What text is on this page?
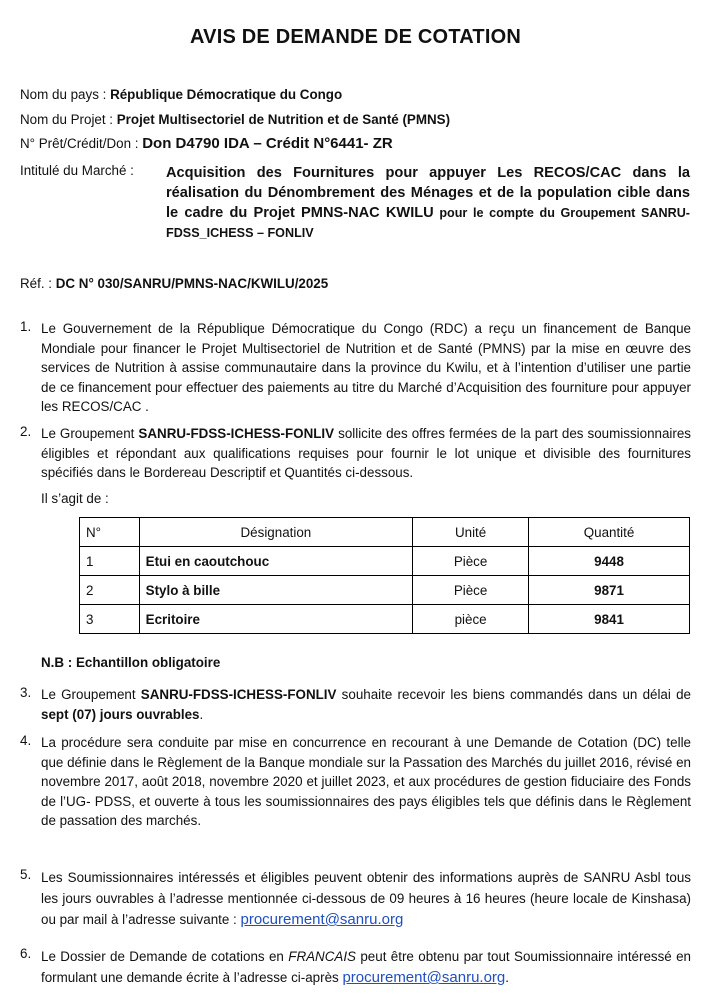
AVIS DE DEMANDE DE COTATION
Nom du pays : République Démocratique du Congo
Nom du Projet : Projet Multisectoriel de Nutrition et de Santé (PMNS)
N° Prêt/Crédit/Don : Don D4790 IDA – Crédit N°6441- ZR
Intitulé du Marché : Acquisition des Fournitures pour appuyer Les RECOS/CAC dans la réalisation du Dénombrement des Ménages et de la population cible dans le cadre du Projet PMNS-NAC KWILU pour le compte du Groupement SANRU-FDSS_ICHESS – FONLIV
Réf. : DC N° 030/SANRU/PMNS-NAC/KWILU/2025
1. Le Gouvernement de la République Démocratique du Congo (RDC) a reçu un financement de Banque Mondiale pour financer le Projet Multisectoriel de Nutrition et de Santé (PMNS) par la mise en œuvre des services de Nutrition à assise communautaire dans la province du Kwilu, et à l’intention d’utiliser une partie de ce financement pour effectuer des paiements au titre du Marché d’Acquisition des fourniture pour appuyer les RECOS/CAC .
2. Le Groupement SANRU-FDSS-ICHESS-FONLIV sollicite des offres fermées de la part des soumissionnaires éligibles et répondant aux qualifications requises pour fournir le lot unique et divisible des fournitures spécifiés dans le Bordereau Descriptif et Quantités ci-dessous.
Il s’agit de :
N°	Désignation	Unité	Quantité
1	Etui en caoutchouc	Pièce	9448
2	Stylo à bille	Pièce	9871
3	Ecritoire	pièce	9841
N.B : Echantillon obligatoire
3. Le Groupement SANRU-FDSS-ICHESS-FONLIV souhaite recevoir les biens commandés dans un délai de sept (07) jours ouvrables.
4. La procédure sera conduite par mise en concurrence en recourant à une Demande de Cotation (DC) telle que définie dans le Règlement de la Banque mondiale sur la Passation des Marchés du juillet 2016, révisé en novembre 2017, août 2018, novembre 2020 et juillet 2023, et aux procédures de gestion fiduciaire des Fonds de l’UG- PDSS, et ouverte à tous les soumissionnaires des pays éligibles tels que définis dans le Règlement de passation des marchés.
5. Les Soumissionnaires intéressés et éligibles peuvent obtenir des informations auprès de SANRU Asbl tous les jours ouvrables à l’adresse mentionnée ci-dessous de 09 heures à 16 heures (heure locale de Kinshasa) ou par mail à l’adresse suivante : procurement@sanru.org
6. Le Dossier de Demande de cotations en FRANCAIS peut être obtenu par tout Soumissionnaire intéressé en formulant une demande écrite à l’adresse ci-après procurement@sanru.org.
